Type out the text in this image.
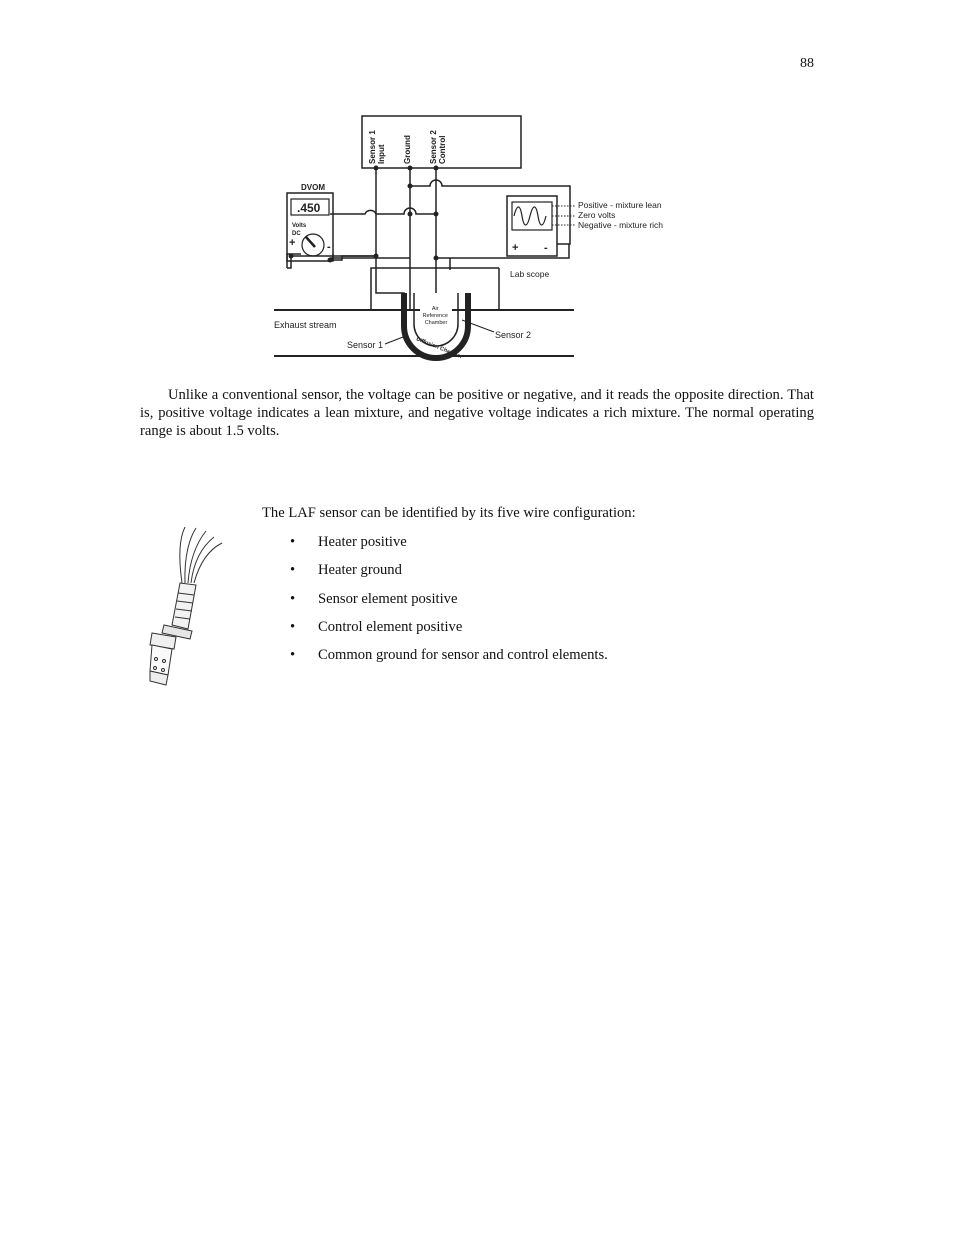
88
Sensor 1 Input Ground Sensor 2 Control
DVOM
.450
Volts
DC
+	-	+ -
Lab scope
Positive - mixture lean
Zero volts
Negative - mixture rich
Exhaust stream
Air Reference Chamber
Diffusion Chamber
Sensor 1
Sensor 2

Unlike a conventional sensor, the voltage can be positive or negative, and it reads the opposite direction. That is, positive voltage indicates a lean mixture, and negative voltage indicates a rich mixture. The normal operating range is about 1.5 volts.

The LAF sensor can be identified by its five wire configuration:

• Heater positive
• Heater ground
• Sensor element positive
• Control element positive
• Common ground for sensor and control elements.
